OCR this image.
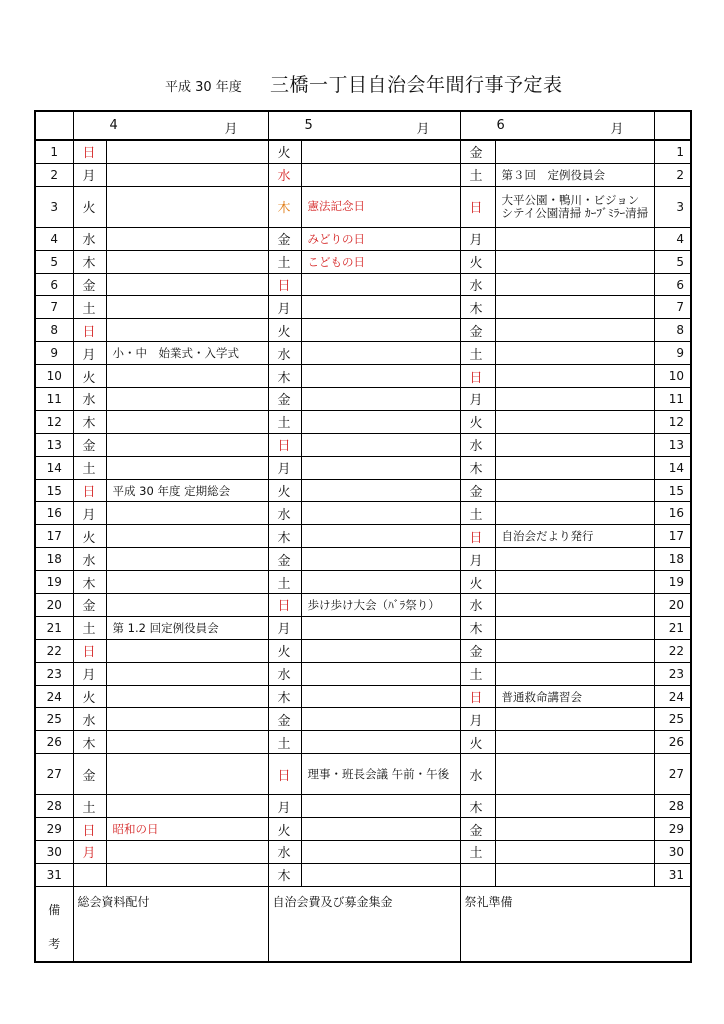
平成 30 年度 三橋一丁目自治会年間行事予定表

	4 月		5 月		6 月		

1	日		火		金		1
2	月		水		土	第３回　定例役員会	2
3	火		木	憲法記念日	日	大平公園・鴨川・ビジョンシテイ公園清掃 ｶｰﾌﾞﾐﾗｰ清掃	3
4	水		金	みどりの日	月		4
5	木		土	こどもの日	火		5
6	金		日		水		6
7	土		月		木		7
8	日		火		金		8
9	月	小・中　始業式・入学式	水		土		9
10	火		木		日		10
11	水		金		月		11
12	木		土		火		12
13	金		日		水		13
14	土		月		木		14
15	日	平成 30 年度 定期総会	火		金		15
16	月		水		土		16
17	火		木		日	自治会だより発行	17
18	水		金		月		18
19	木		土		火		19
20	金		日	歩け歩け大会（ﾊﾞﾗ祭り）	水		20
21	土	第 1.2 回定例役員会	月		木		21
22	日		火		金		22
23	月		水		土		23
24	火		木		日	普通救命講習会	24
25	水		金		月		25
26	木		土		火		26
27	金		日	理事・班長会議 午前・午後	水		27
28	土		月		木		28
29	日	昭和の日	火		金		29
30	月		水		土		30
31			木				31
備
考	総会資料配付		自治会費及び募金集金		祭礼準備		
